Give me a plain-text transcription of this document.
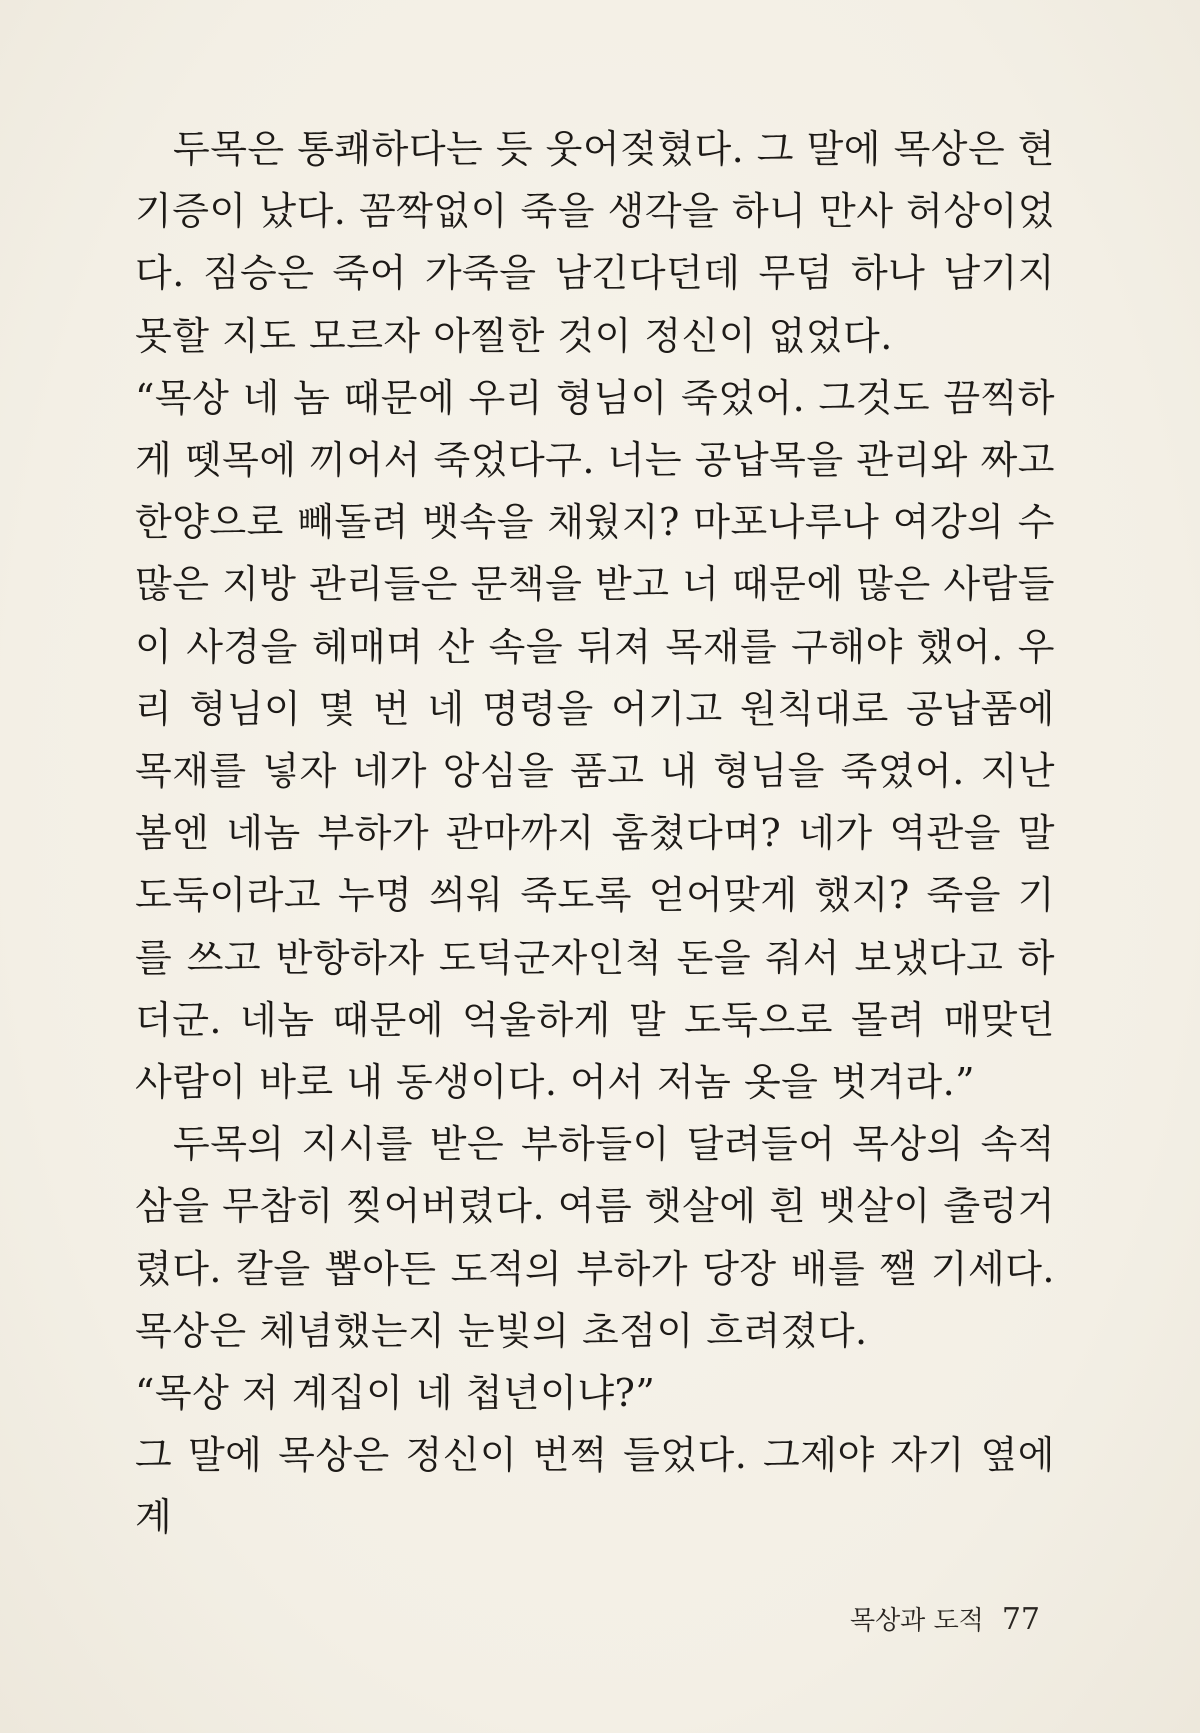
두목은 통쾌하다는 듯 웃어젖혔다. 그 말에 목상은 현기증이 났다. 꼼짝없이 죽을 생각을 하니 만사 허상이었다. 짐승은 죽어 가죽을 남긴다던데 무덤 하나 남기지 못할 지도 모르자 아찔한 것이 정신이 없었다.

“목상 네 놈 때문에 우리 형님이 죽었어. 그것도 끔찍하게 뗏목에 끼어서 죽었다구. 너는 공납목을 관리와 짜고 한양으로 빼돌려 뱃속을 채웠지? 마포나루나 여강의 수많은 지방 관리들은 문책을 받고 너 때문에 많은 사람들이 사경을 헤매며 산 속을 뒤져 목재를 구해야 했어. 우리 형님이 몇 번 네 명령을 어기고 원칙대로 공납품에 목재를 넣자 네가 앙심을 품고 내 형님을 죽였어. 지난 봄엔 네놈 부하가 관마까지 훔쳤다며? 네가 역관을 말 도둑이라고 누명 씌워 죽도록 얻어맞게 했지? 죽을 기를 쓰고 반항하자 도덕군자인척 돈을 줘서 보냈다고 하더군. 네놈 때문에 억울하게 말 도둑으로 몰려 매맞던 사람이 바로 내 동생이다. 어서 저놈 옷을 벗겨라.”

두목의 지시를 받은 부하들이 달려들어 목상의 속적삼을 무참히 찢어버렸다. 여름 햇살에 흰 뱃살이 출렁거렸다. 칼을 뽑아든 도적의 부하가 당장 배를 쨀 기세다. 목상은 체념했는지 눈빛의 초점이 흐려졌다.

“목상 저 계집이 네 첩년이냐?”

그 말에 목상은 정신이 번쩍 들었다. 그제야 자기 옆에 계

목상과 도적 77
